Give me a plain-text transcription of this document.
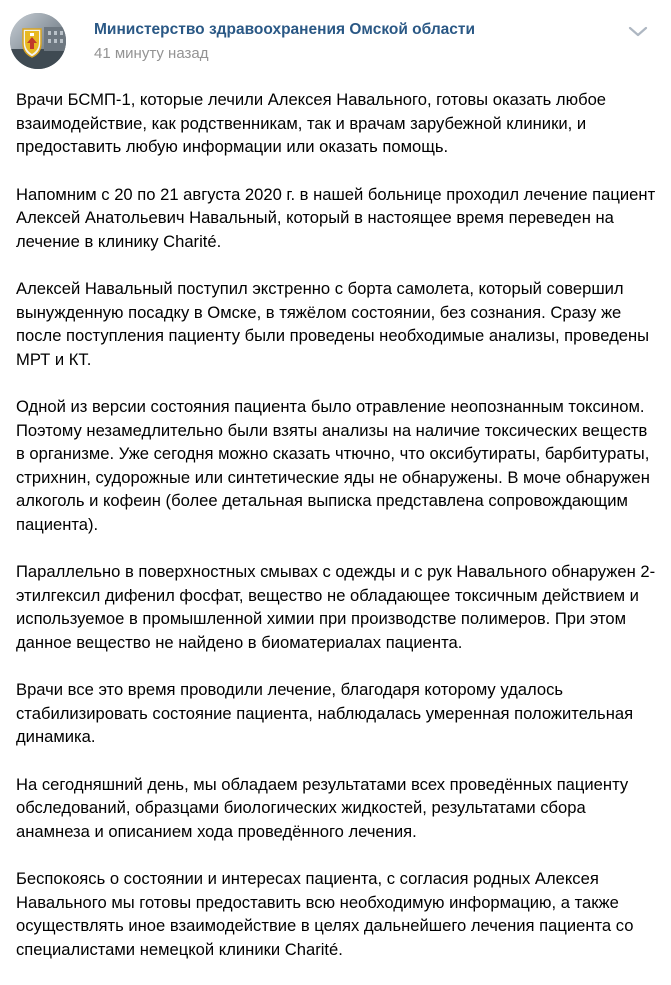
Министерство здравоохранения Омской области
41 минуту назад

Врачи БСМП-1, которые лечили Алексея Навального, готовы оказать любое
взаимодействие, как родственникам, так и врачам зарубежной клиники, и
предоставить любую информации или оказать помощь.

Напомним с 20 по 21 августа 2020 г. в нашей больнице проходил лечение пациент
Алексей Анатольевич Навальный, который в настоящее время переведен на
лечение в клинику Charité.

Алексей Навальный поступил экстренно с борта самолета, который совершил
вынужденную посадку в Омске, в тяжёлом состоянии, без сознания. Сразу же
после поступления пациенту были проведены необходимые анализы, проведены
МРТ и КТ.

Одной из версии состояния пациента было отравление неопознанным токсином.
Поэтому незамедлительно были взяты анализы на наличие токсических веществ
в организме. Уже сегодня можно сказать чтючно, что оксибутираты, барбитураты,
стрихнин, судорожные или синтетические яды не обнаружены. В моче обнаружен
алкоголь и кофеин (более детальная выписка представлена сопровождающим
пациента).

Параллельно в поверхностных смывах с одежды и с рук Навального обнаружен 2-
этилгексил дифенил фосфат, вещество не обладающее токсичным действием и
используемое в промышленной химии при производстве полимеров. При этом
данное вещество не найдено в биоматериалах пациента.

Врачи все это время проводили лечение, благодаря которому удалось
стабилизировать состояние пациента, наблюдалась умеренная положительная
динамика.

На сегодняшний день, мы обладаем результатами всех проведённых пациенту
обследований, образцами биологических жидкостей, результатами сбора
анамнеза и описанием хода проведённого лечения.

Беспокоясь о состоянии и интересах пациента, с согласия родных Алексея
Навального мы готовы предоставить всю необходимую информацию, а также
осуществлять иное взаимодействие в целях дальнейшего лечения пациента со
специалистами немецкой клиники Charité.
